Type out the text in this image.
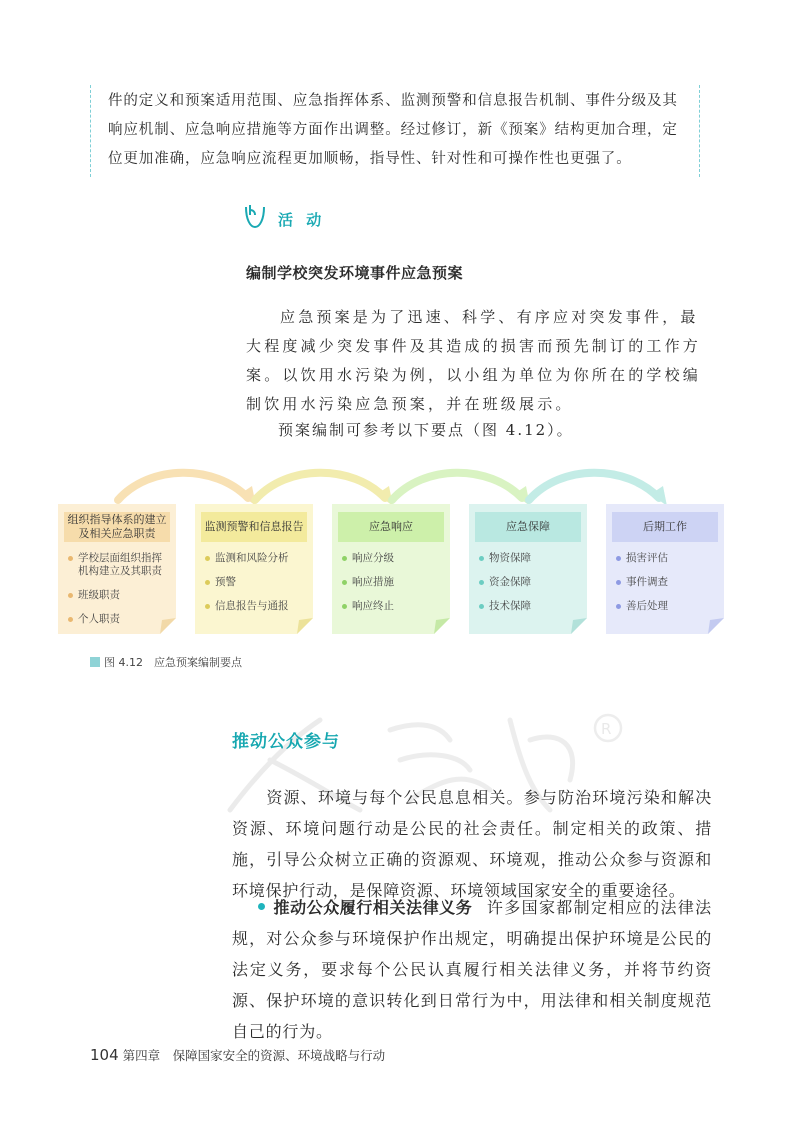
件的定义和预案适用范围、应急指挥体系、监测预警和信息报告机制、事件分级及其响应机制、应急响应措施等方面作出调整。经过修订，新《预案》结构更加合理，定位更加准确，应急响应流程更加顺畅，指导性、针对性和可操作性也更强了。

活 动
编制学校突发环境事件应急预案

应急预案是为了迅速、科学、有序应对突发事件，最大程度减少突发事件及其造成的损害而预先制订的工作方案。以饮用水污染为例，以小组为单位为你所在的学校编制饮用水污染应急预案，并在班级展示。

预案编制可参考以下要点（图 4.12）。

组织指导体系的建立及相关应急职责
学校层面组织指挥机构建立及其职责
班级职责
个人职责
监测预警和信息报告
监测和风险分析
预警
信息报告与通报
应急响应
响应分级
响应措施
响应终止
应急保障
物资保障
资金保障
技术保障
后期工作
损害评估
事件调查
善后处理
图 4.12　应急预案编制要点
R
推动公众参与

资源、环境与每个公民息息相关。参与防治环境污染和解决资源、环境问题行动是公民的社会责任。制定相关的政策、措施，引导公众树立正确的资源观、环境观，推动公众参与资源和环境保护行动，是保障资源、环境领域国家安全的重要途径。

推动公众履行相关法律义务 许多国家都制定相应的法律法规，对公众参与环境保护作出规定，明确提出保护环境是公民的法定义务，要求每个公民认真履行相关法律义务，并将节约资源、保护环境的意识转化到日常行为中，用法律和相关制度规范自己的行为。

104 第四章　保障国家安全的资源、环境战略与行动
